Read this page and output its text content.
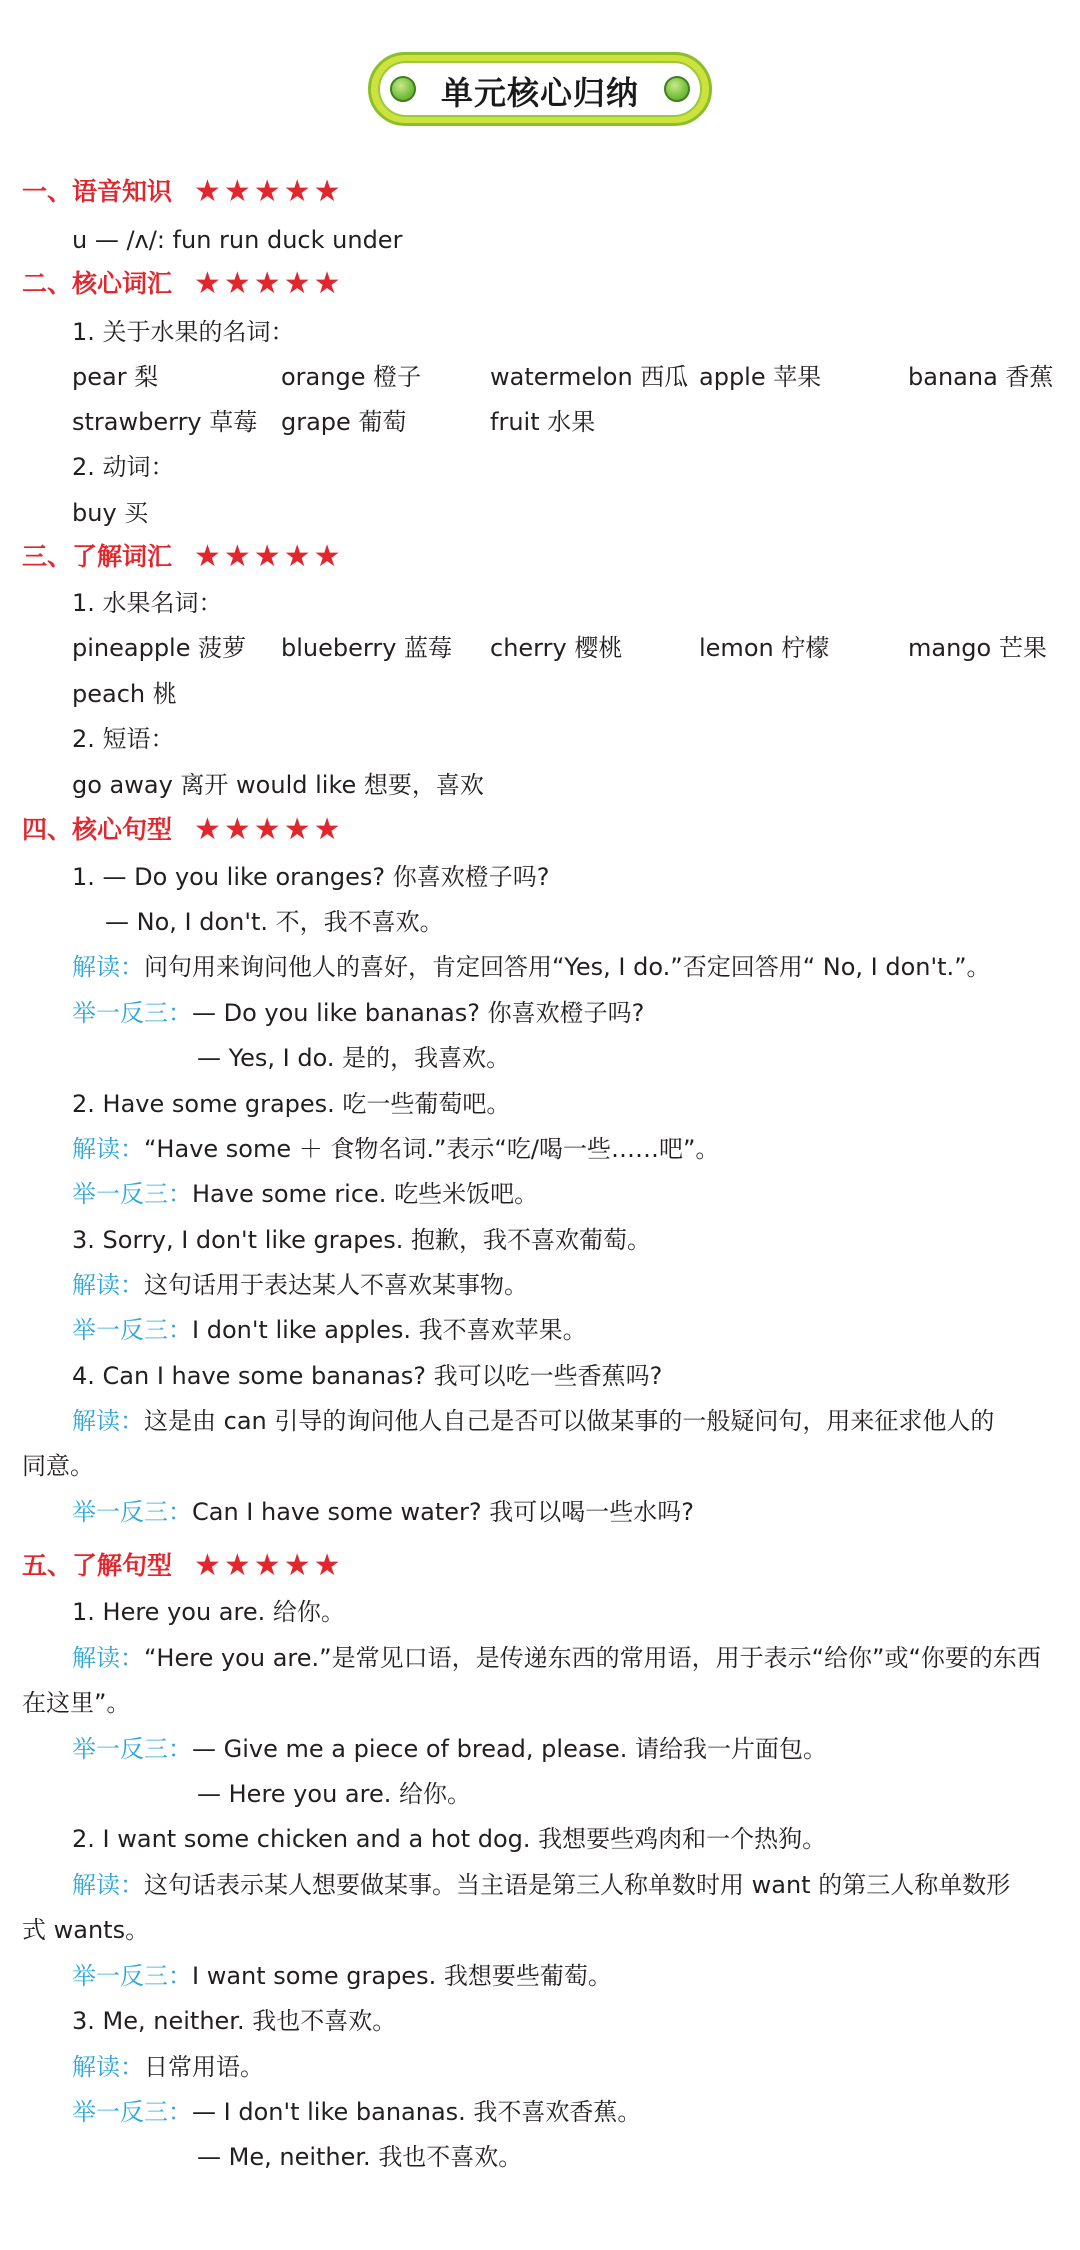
单元核心归纳
一、语音知识 ★★★★★
u — /ʌ/: fun run duck under
二、核心词汇 ★★★★★
1. 关于水果的名词：
pear 梨	orange 橙子	watermelon 西瓜 apple 苹果	banana 香蕉
strawberry 草莓 grape 葡萄	fruit 水果
2. 动词：
buy 买
三、了解词汇 ★★★★★
1. 水果名词：
pineapple 菠萝 blueberry 蓝莓 cherry 樱桃	lemon 柠檬	mango 芒果
peach 桃
2. 短语：
go away 离开 would like 想要，喜欢
四、核心句型 ★★★★★
1. — Do you like oranges? 你喜欢橙子吗?
— No, I don't. 不，我不喜欢。
解读：问句用来询问他人的喜好，肯定回答用“Yes, I do.”否定回答用“ No, I don't.”。
举一反三：— Do you like bananas? 你喜欢橙子吗?
— Yes, I do. 是的，我喜欢。
2. Have some grapes. 吃一些葡萄吧。
解读：“Have some ＋ 食物名词.”表示“吃/喝一些……吧”。
举一反三：Have some rice. 吃些米饭吧。
3. Sorry, I don't like grapes. 抱歉，我不喜欢葡萄。
解读：这句话用于表达某人不喜欢某事物。
举一反三：I don't like apples. 我不喜欢苹果。
4. Can I have some bananas? 我可以吃一些香蕉吗?
解读：这是由 can 引导的询问他人自己是否可以做某事的一般疑问句，用来征求他人的
同意。
举一反三：Can I have some water? 我可以喝一些水吗?
五、了解句型 ★★★★★
1. Here you are. 给你。
解读：“Here you are.”是常见口语，是传递东西的常用语，用于表示“给你”或“你要的东西
在这里”。
举一反三：— Give me a piece of bread, please. 请给我一片面包。
— Here you are. 给你。
2. I want some chicken and a hot dog. 我想要些鸡肉和一个热狗。
解读：这句话表示某人想要做某事。当主语是第三人称单数时用 want 的第三人称单数形
式 wants。
举一反三：I want some grapes. 我想要些葡萄。
3. Me, neither. 我也不喜欢。
解读：日常用语。
举一反三：— I don't like bananas. 我不喜欢香蕉。
— Me, neither. 我也不喜欢。
